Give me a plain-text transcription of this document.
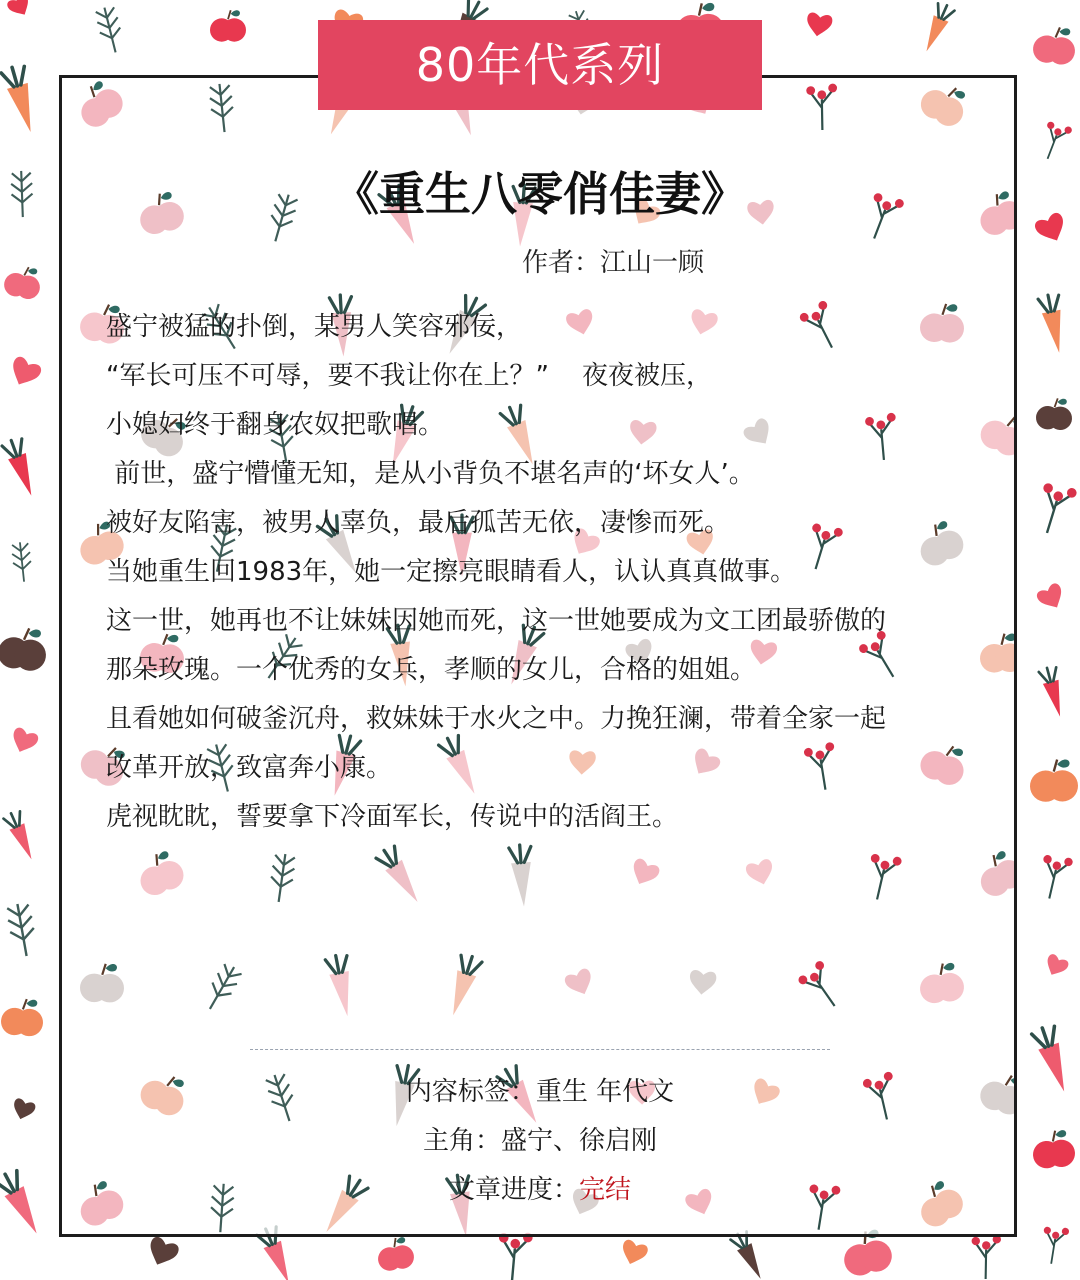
80年代系列
《重生八零俏佳妻》
作者：江山一顾
盛宁被猛的扑倒，某男人笑容邪佞，
“军长可压不可辱，要不我让你在上？”    夜夜被压，
小媳妇终于翻身农奴把歌唱。
前世，盛宁懵懂无知，是从小背负不堪名声的‘坏女人’。
被好友陷害，被男人辜负，最后孤苦无依，凄惨而死。
当她重生回1983年，她一定擦亮眼睛看人，认认真真做事。
这一世，她再也不让妹妹因她而死，这一世她要成为文工团最骄傲的
那朵玫瑰。一个优秀的女兵，孝顺的女儿，合格的姐姐。
且看她如何破釜沉舟，救妹妹于水火之中。力挽狂澜，带着全家一起
改革开放，致富奔小康。
虎视眈眈，誓要拿下冷面军长，传说中的活阎王。
内容标签：重生 年代文
主角：盛宁、徐启刚
文章进度：完结
